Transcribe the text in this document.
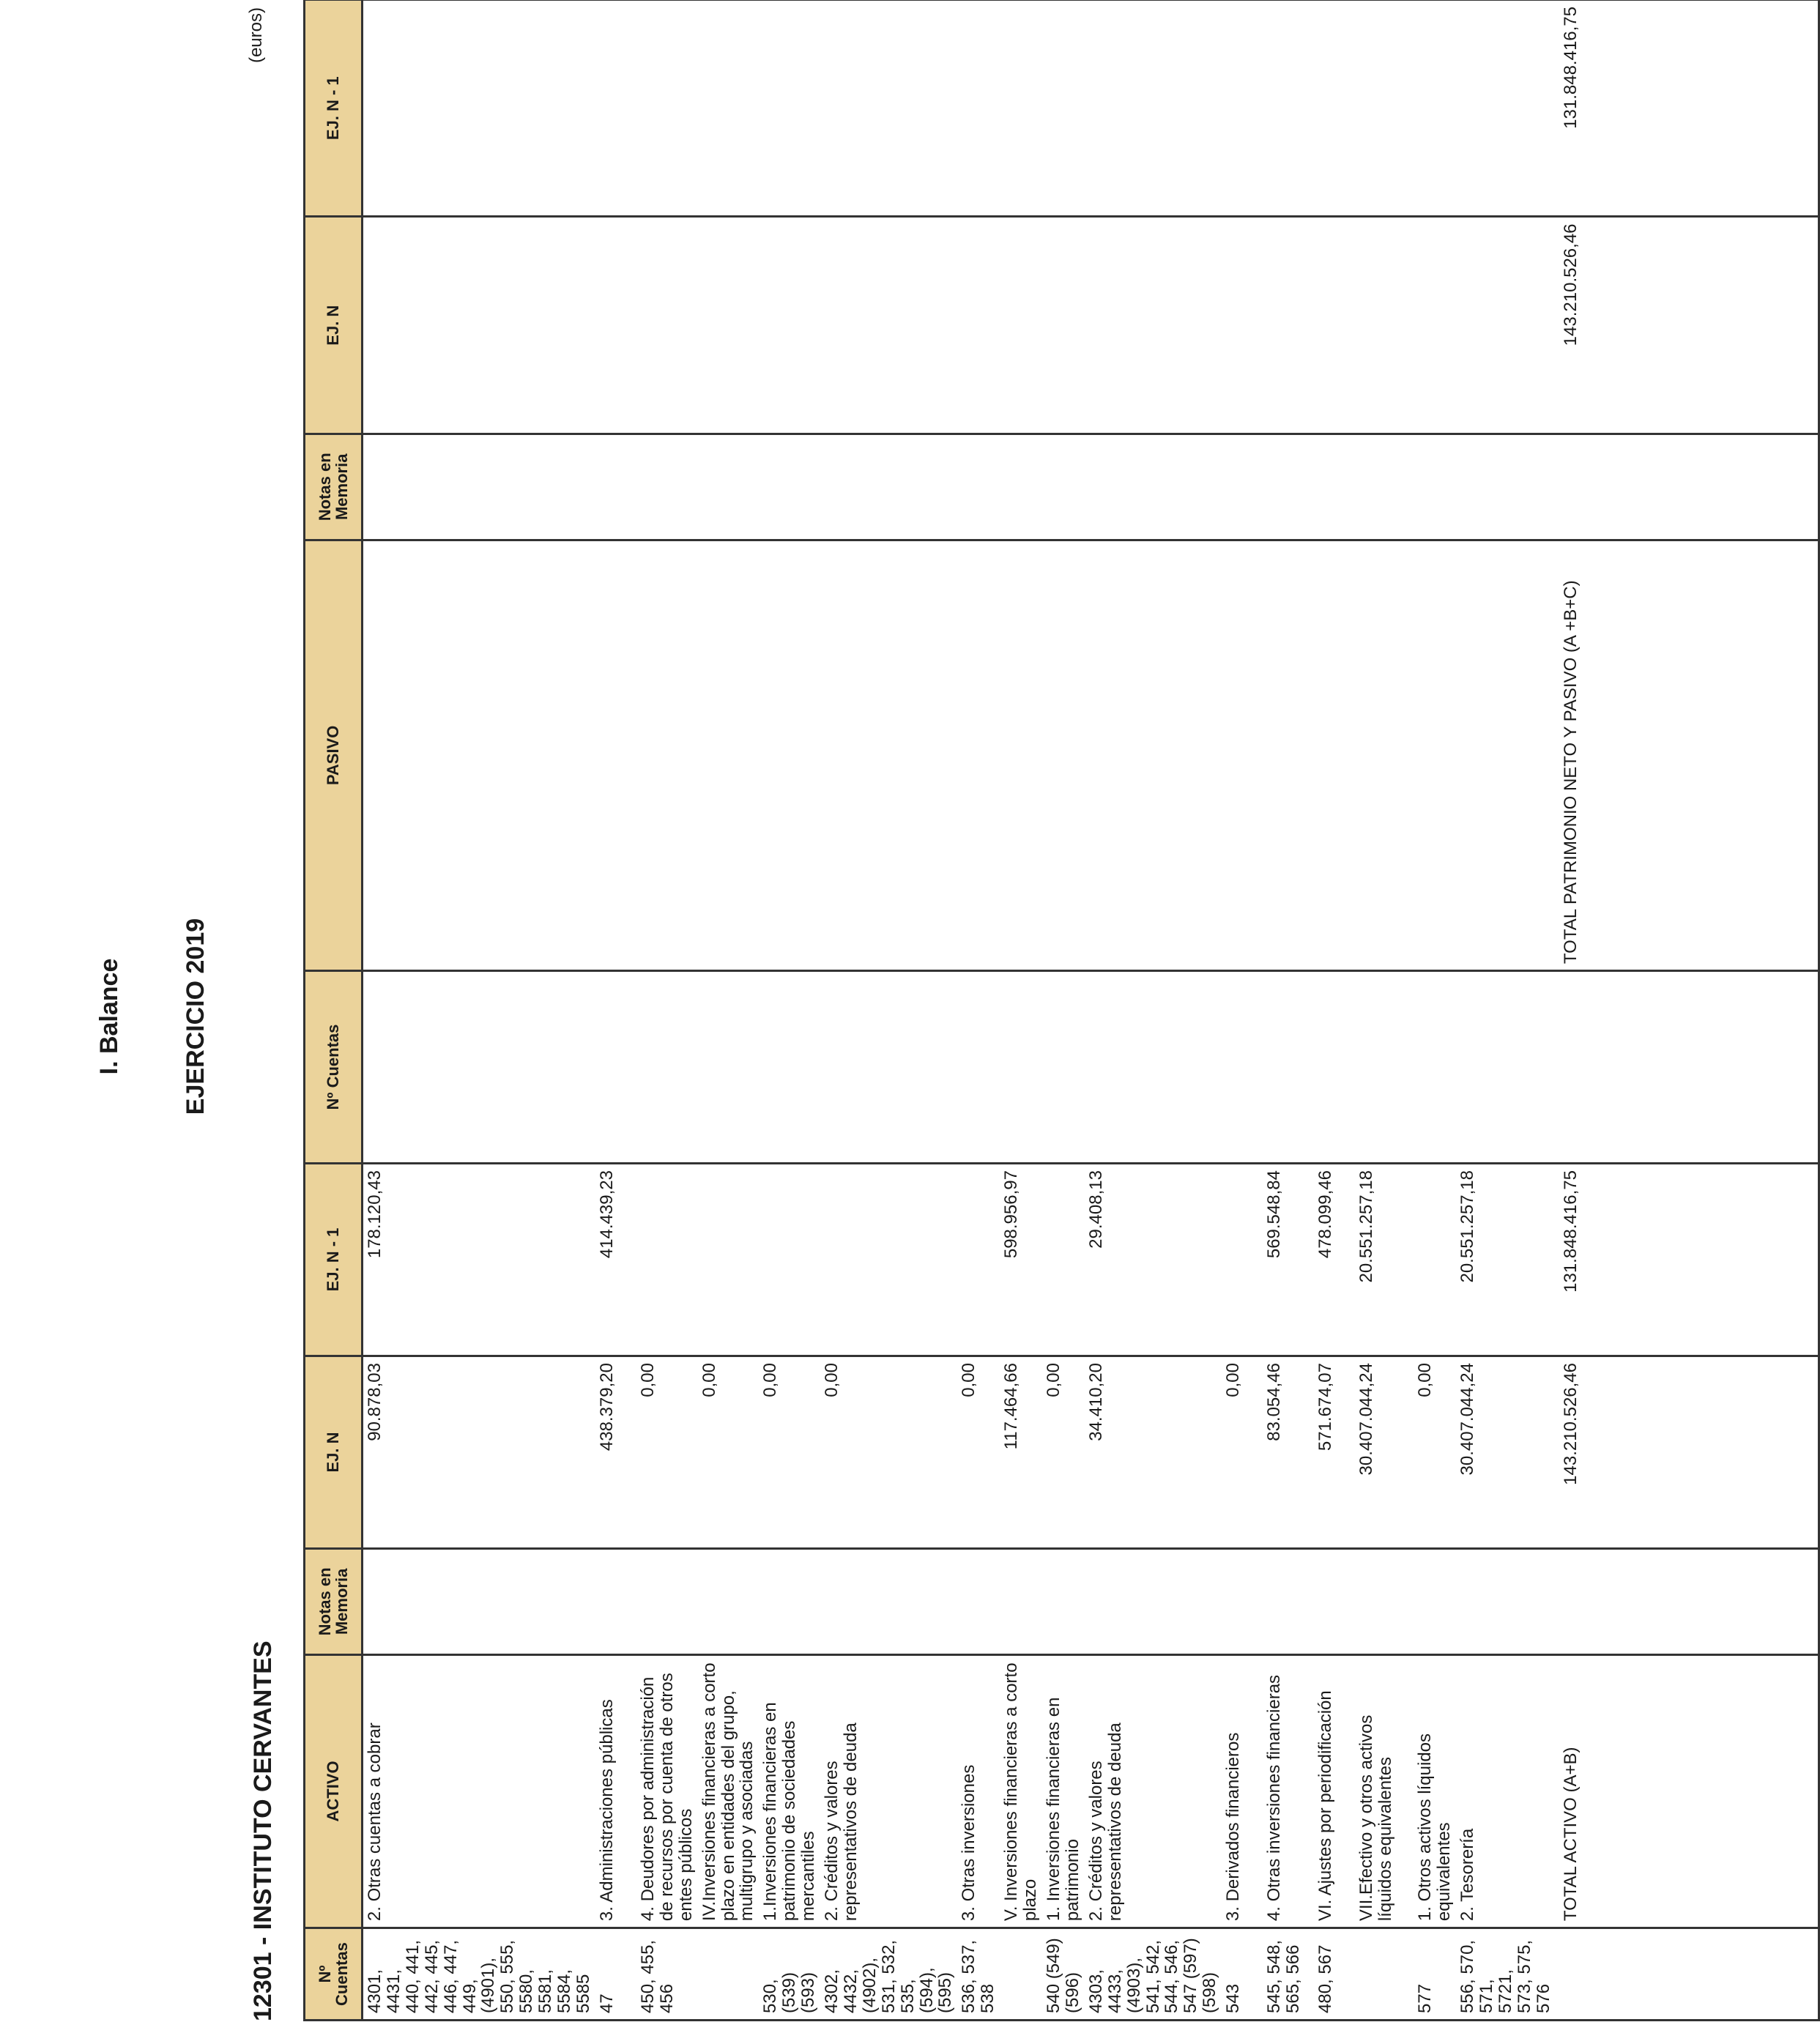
I. Balance EJERCICIO 2019
12301 - INSTITUTO CERVANTES
(euros)
Nº Cuentas	ACTIVO	Notas en Memoria	EJ. N	EJ. N - 1	Nº Cuentas	PASIVO	Notas en Memoria	EJ. N	EJ. N - 1
4301, 4431, 440, 441, 442, 445, 446, 447, 449, (4901), 550, 555, 5580, 5581, 5584, 5585	2. Otras cuentas a cobrar		90.878,03	178.120,43					
47	3. Administraciones públicas		438.379,20	414.439,23					
450, 455, 456	4. Deudores por administración de recursos por cuenta de otros entes públicos		0,00						
	IV.Inversiones financieras a corto plazo en entidades del grupo, multigrupo y asociadas		0,00						
530, (539) (593)	1.Inversiones financieras en patrimonio de sociedades mercantiles		0,00						
4302, 4432, (4902), 531, 532, 535, (594), (595)	2. Créditos y valores representativos de deuda		0,00						
536, 537, 538	3. Otras inversiones		0,00						
	V. Inversiones financieras a corto plazo		117.464,66	598.956,97					
540 (549) (596)	1. Inversiones financieras en patrimonio		0,00						
4303, 4433, (4903), 541, 542, 544, 546, 547 (597) (598)	2. Créditos y valores representativos de deuda		34.410,20	29.408,13					
543	3. Derivados financieros		0,00						
545, 548, 565, 566	4. Otras inversiones financieras		83.054,46	569.548,84					
480, 567	VI. Ajustes por periodificación		571.674,07	478.099,46					
	VII.Efectivo y otros activos líquidos equivalentes		30.407.044,24	20.551.257,18					
577	1. Otros activos líquidos equivalentes		0,00						
556, 570, 571, 5721, 573, 575, 576	2. Tesorería		30.407.044,24	20.551.257,18					
	TOTAL ACTIVO (A+B)		143.210.526,46	131.848.416,75		TOTAL PATRIMONIO NETO Y PASIVO (A +B+C)		143.210.526,46	131.848.416,75
